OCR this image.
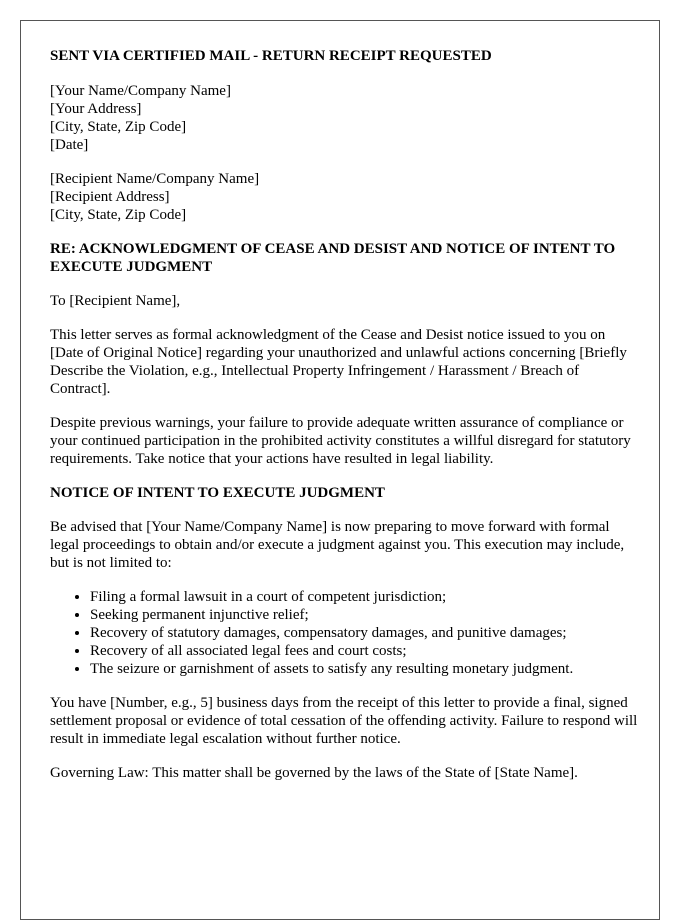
SENT VIA CERTIFIED MAIL - RETURN RECEIPT REQUESTED

[Your Name/Company Name]
[Your Address]
[City, State, Zip Code]
[Date]
[Recipient Name/Company Name]
[Recipient Address]
[City, State, Zip Code]

RE: ACKNOWLEDGMENT OF CEASE AND DESIST AND NOTICE OF INTENT TO EXECUTE JUDGMENT

To [Recipient Name],

This letter serves as formal acknowledgment of the Cease and Desist notice issued to you on [Date of Original Notice] regarding your unauthorized and unlawful actions concerning [Briefly Describe the Violation, e.g., Intellectual Property Infringement / Harassment / Breach of Contract].

Despite previous warnings, your failure to provide adequate written assurance of compliance or your continued participation in the prohibited activity constitutes a willful disregard for statutory requirements. Take notice that your actions have resulted in legal liability.

NOTICE OF INTENT TO EXECUTE JUDGMENT

Be advised that [Your Name/Company Name] is now preparing to move forward with formal legal proceedings to obtain and/or execute a judgment against you. This execution may include, but is not limited to:

• Filing a formal lawsuit in a court of competent jurisdiction;
• Seeking permanent injunctive relief;
• Recovery of statutory damages, compensatory damages, and punitive damages;
• Recovery of all associated legal fees and court costs;
• The seizure or garnishment of assets to satisfy any resulting monetary judgment.

You have [Number, e.g., 5] business days from the receipt of this letter to provide a final, signed settlement proposal or evidence of total cessation of the offending activity. Failure to respond will result in immediate legal escalation without further notice.

Governing Law: This matter shall be governed by the laws of the State of [State Name].
